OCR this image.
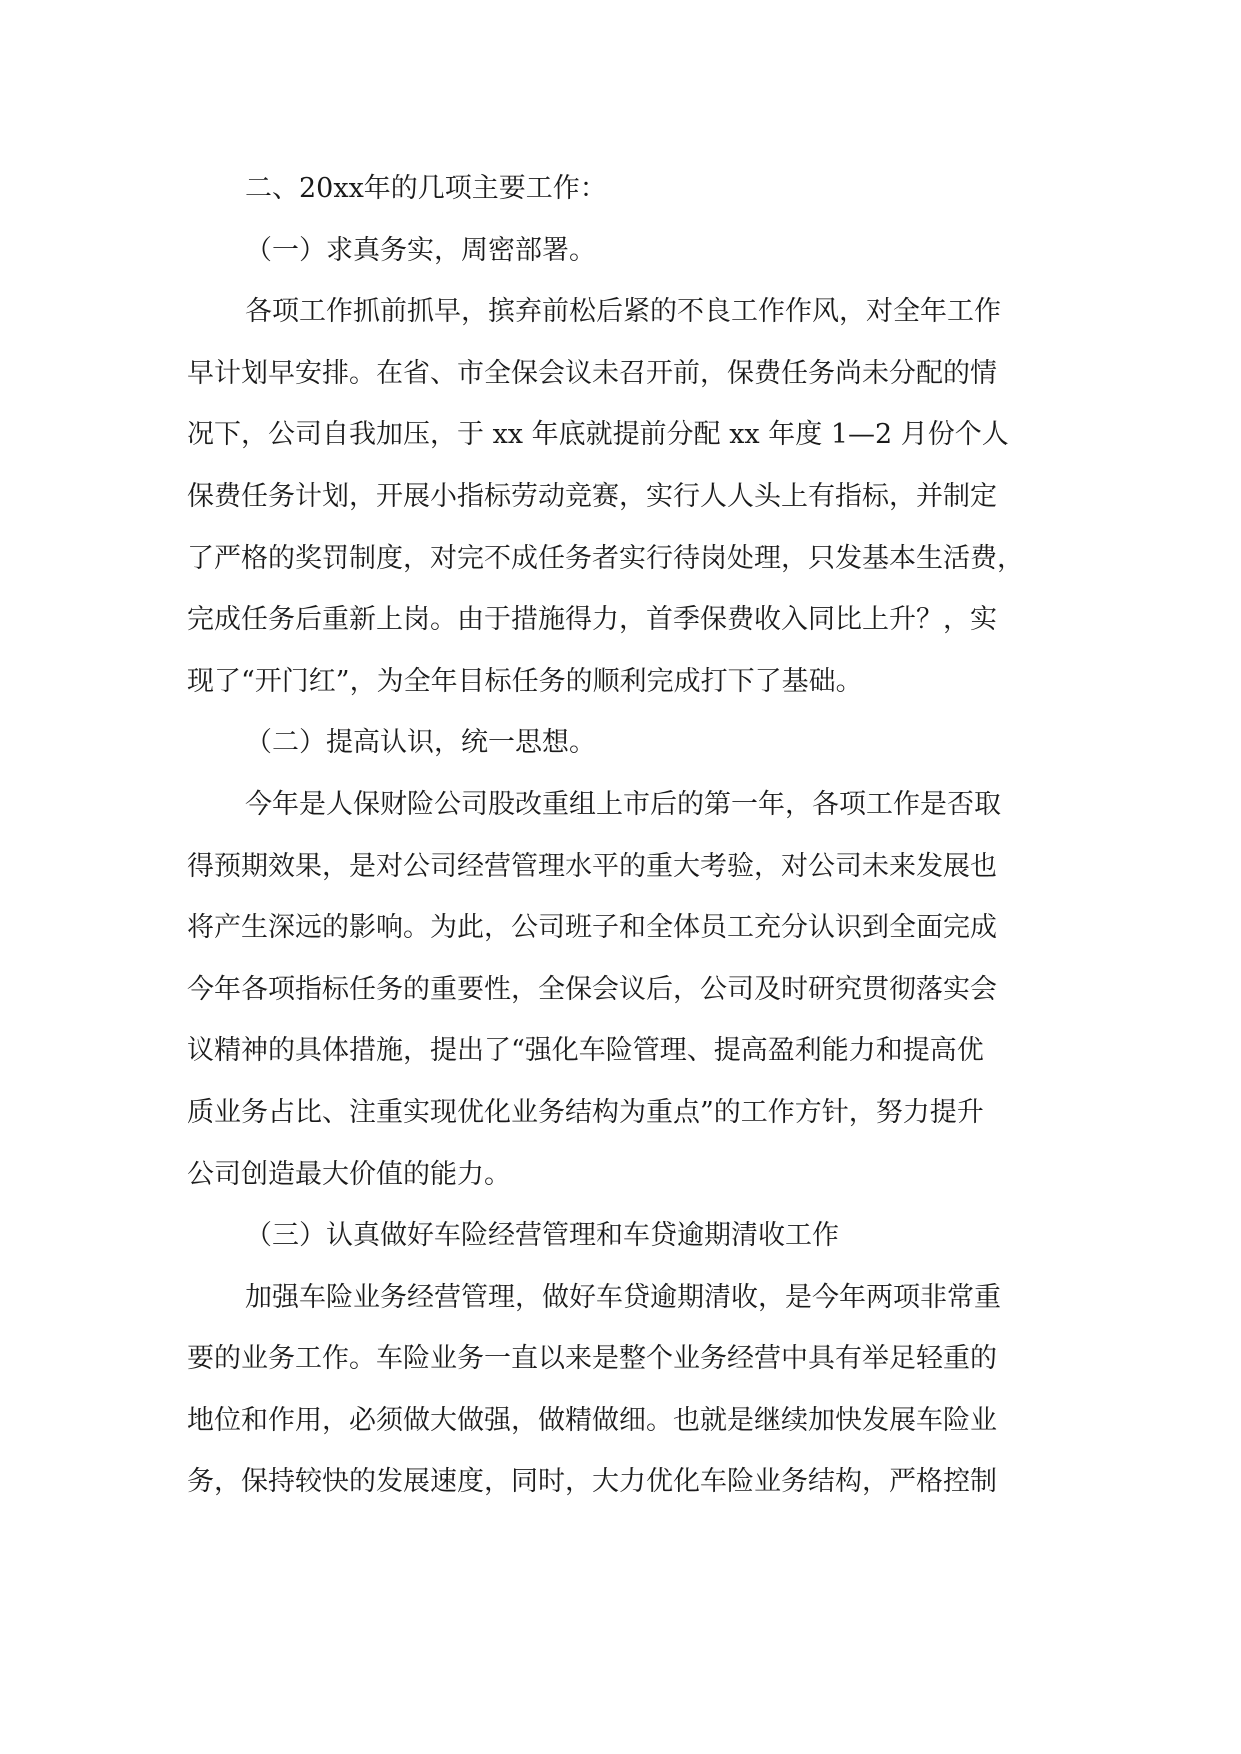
二、20xx年的几项主要工作：
（一）求真务实，周密部署。
各项工作抓前抓早，摈弃前松后紧的不良工作作风，对全年工作
早计划早安排。在省、市全保会议未召开前，保费任务尚未分配的情
况下，公司自我加压，于 xx 年底就提前分配 xx 年度 1—2 月份个人
保费任务计划，开展小指标劳动竞赛，实行人人头上有指标，并制定
了严格的奖罚制度，对完不成任务者实行待岗处理，只发基本生活费，
完成任务后重新上岗。由于措施得力，首季保费收入同比上升？，实
现了“开门红”，为全年目标任务的顺利完成打下了基础。
（二）提高认识，统一思想。
今年是人保财险公司股改重组上市后的第一年，各项工作是否取
得预期效果，是对公司经营管理水平的重大考验，对公司未来发展也
将产生深远的影响。为此，公司班子和全体员工充分认识到全面完成
今年各项指标任务的重要性，全保会议后，公司及时研究贯彻落实会
议精神的具体措施，提出了“强化车险管理、提高盈利能力和提高优
质业务占比、注重实现优化业务结构为重点”的工作方针，努力提升
公司创造最大价值的能力。
（三）认真做好车险经营管理和车贷逾期清收工作
加强车险业务经营管理，做好车贷逾期清收，是今年两项非常重
要的业务工作。车险业务一直以来是整个业务经营中具有举足轻重的
地位和作用，必须做大做强，做精做细。也就是继续加快发展车险业
务，保持较快的发展速度，同时，大力优化车险业务结构，严格控制
